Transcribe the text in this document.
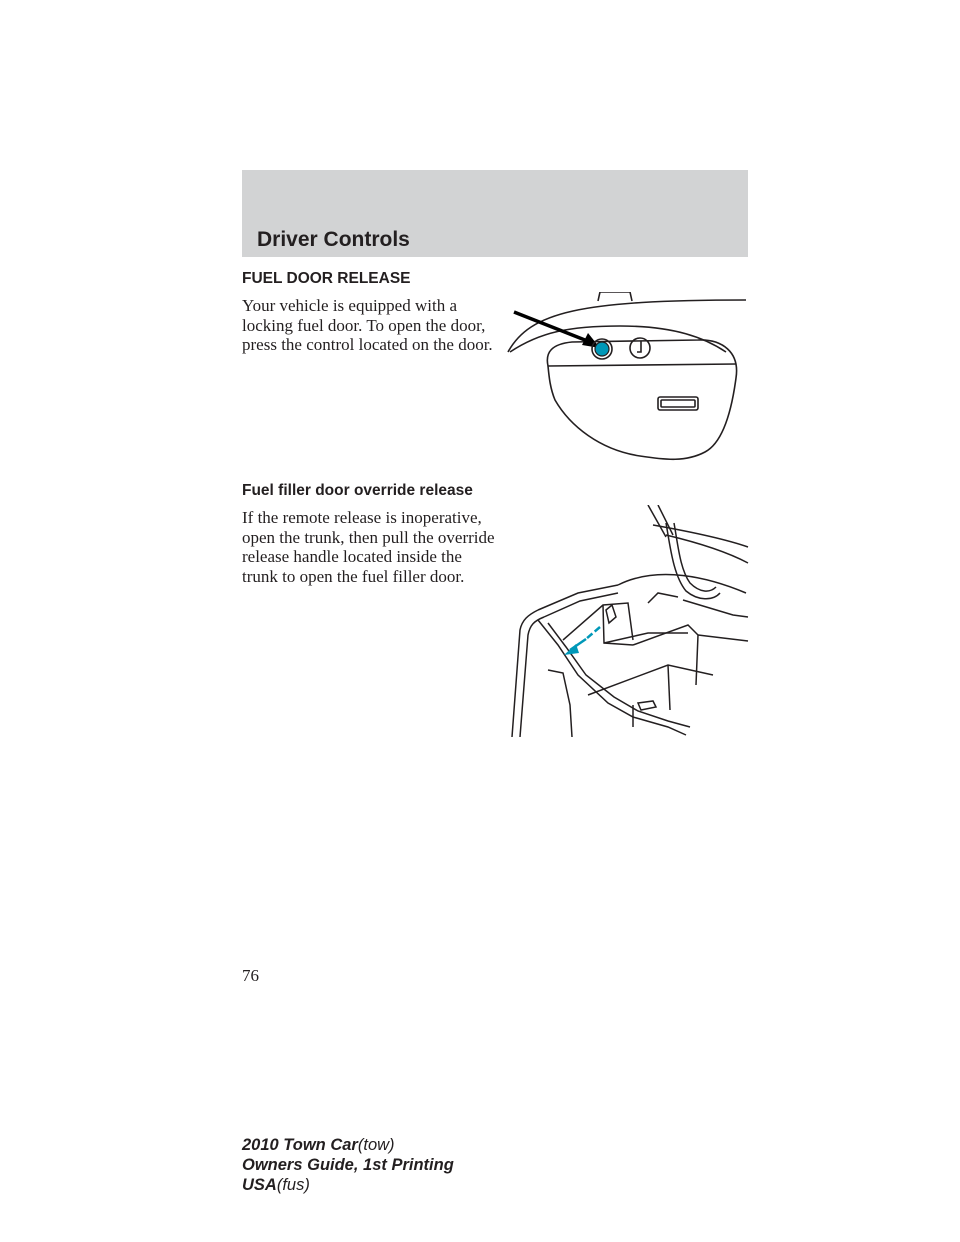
Driver Controls
FUEL DOOR RELEASE
Your vehicle is equipped with a locking fuel door. To open the door, press the control located on the door.
Fuel filler door override release
If the remote release is inoperative, open the trunk, then pull the override release handle located inside the trunk to open the fuel filler door.
76
2010 Town Car(tow)
Owners Guide, 1st Printing
USA(fus)
